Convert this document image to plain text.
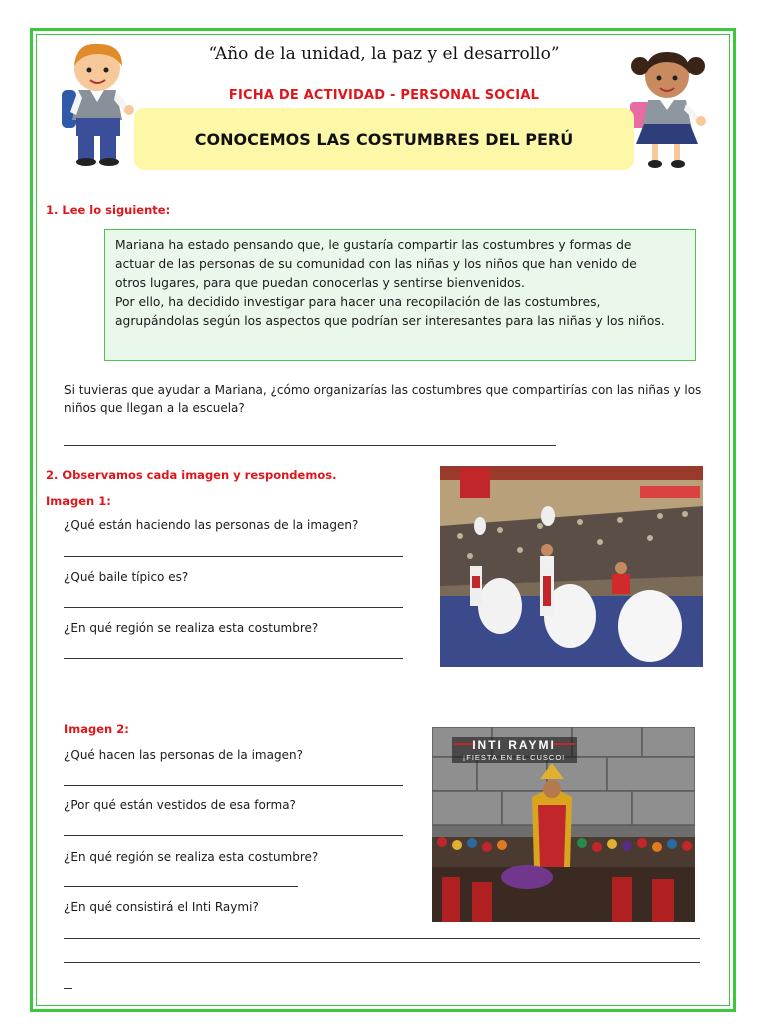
“Año de la unidad, la paz y el desarrollo”
FICHA DE ACTIVIDAD - PERSONAL SOCIAL
CONOCEMOS LAS COSTUMBRES DEL PERÚ
1. Lee lo siguiente:

Mariana ha estado pensando que, le gustaría compartir las costumbres y formas de

actuar de las personas de su comunidad con las niñas y los niños que han venido de

otros lugares, para que puedan conocerlas y sentirse bienvenidos.

Por ello, ha decidido investigar para hacer una recopilación de las costumbres,

agrupándolas según los aspectos que podrían ser interesantes para las niñas y los niños.

Si tuvieras que ayudar a Mariana, ¿cómo organizarías las costumbres que compartirías con las niñas y los
niños que llegan a la escuela?
2. Observamos cada imagen y respondemos.
Imagen 1:
¿Qué están haciendo las personas de la imagen?
¿Qué baile típico es?
¿En qué región se realiza esta costumbre?
Imagen 2:
¿Qué hacen las personas de la imagen?
¿Por qué están vestidos de esa forma?
¿En qué región se realiza esta costumbre?
¿En qué consistirá el Inti Raymi?
INTI RAYMI
¡FIESTA EN EL CUSCO!
